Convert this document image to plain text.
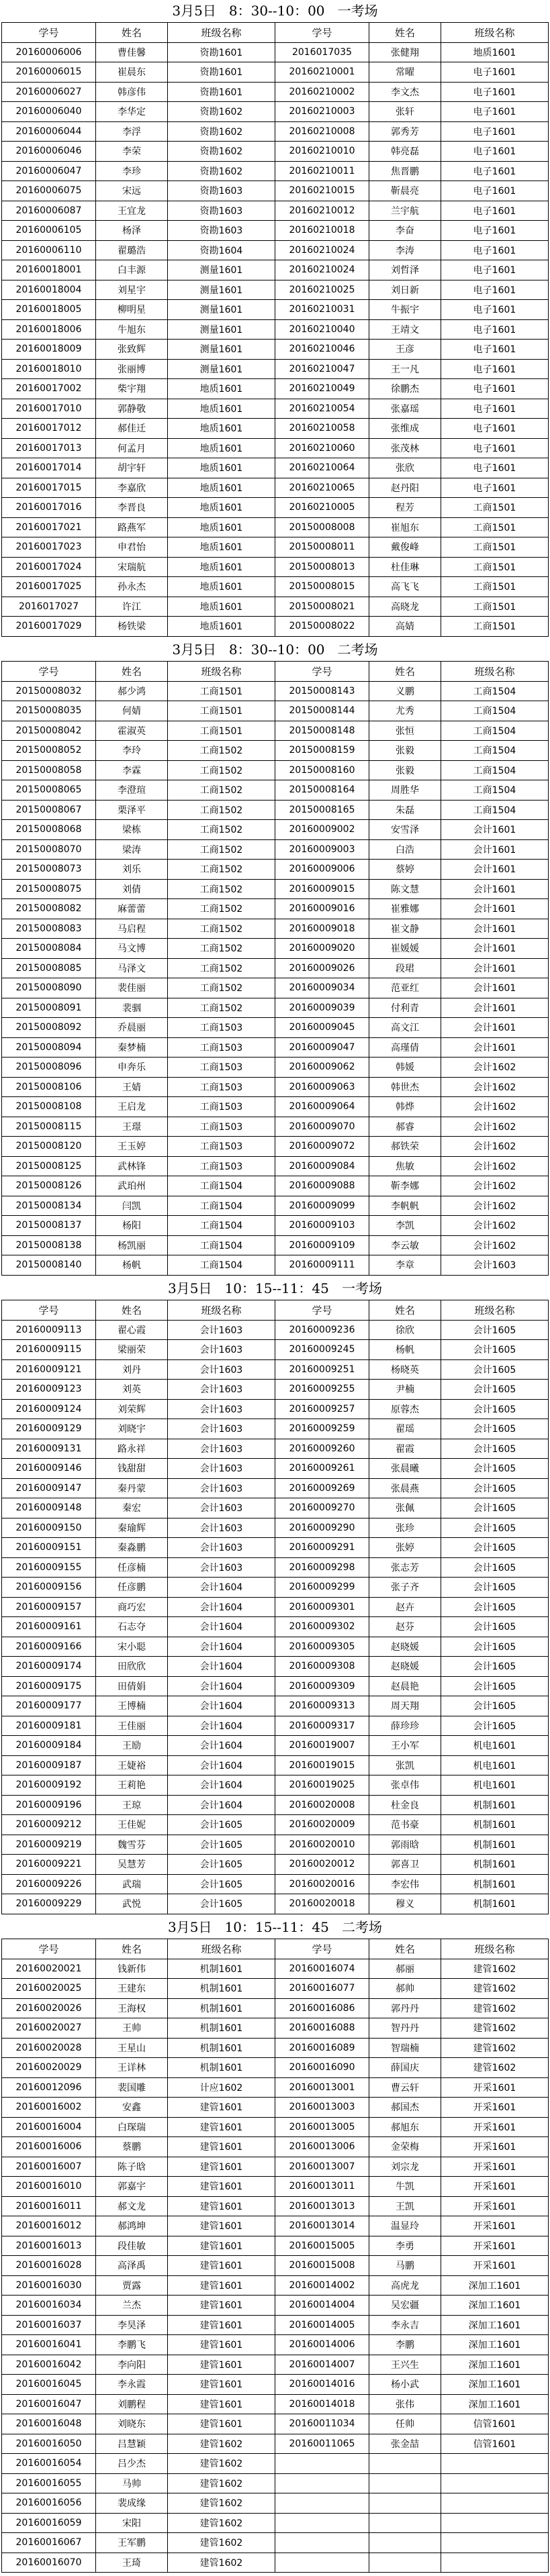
3月5日   8：30--10：00   一考场
学号	姓名	班级名称	学号	姓名	班级名称
20160006006	曹佳馨	资勘1601	2016017035	张健翔	地质1601
20160006015	崔晨东	资勘1601	20160210001	常曜	电子1601
20160006027	韩彦伟	资勘1601	20160210002	李文杰	电子1601
20160006040	李华定	资勘1602	20160210003	张轩	电子1601
20160006044	李浮	资勘1602	20160210008	郭秀芳	电子1601
20160006046	李荣	资勘1602	20160210010	韩亮磊	电子1601
20160006047	李珍	资勘1602	20160210011	焦晋鹏	电子1601
20160006075	宋远	资勘1603	20160210015	靳晨亮	电子1601
20160006087	王宜龙	资勘1603	20160210012	兰宇航	电子1601
20160006105	杨泽	资勘1603	20160210018	李奋	电子1601
20160006110	翟璐浩	资勘1604	20160210024	李涛	电子1601
20160018001	白丰源	测量1601	20160210024	刘哲泽	电子1601
20160018004	刘星宇	测量1601	20160210025	刘日新	电子1601
20160018005	柳明星	测量1601	20160210031	牛振宇	电子1601
20160018006	牛旭东	测量1601	20160210040	王靖文	电子1601
20160018009	张致辉	测量1601	20160210046	王彦	电子1601
20160018010	张丽博	测量1601	20160210047	王一凡	电子1601
20160017002	柴宇翔	地质1601	20160210049	徐鹏杰	电子1601
20160017010	郭静敬	地质1601	20160210054	张嘉瑶	电子1601
20160017012	郝佳迁	地质1601	20160210058	张维成	电子1601
20160017013	何孟月	地质1601	20160210060	张茂林	电子1601
20160017014	胡宇轩	地质1601	20160210064	张欣	电子1601
20160017015	李嘉欣	地质1601	20160210065	赵丹阳	电子1601
20160017016	李晋良	地质1601	20160210005	程芳	工商1501
20160017021	路燕军	地质1601	20150008008	崔旭东	工商1501
20160017023	申君怡	地质1601	20150008011	戴俊峰	工商1501
20160017024	宋瑞航	地质1601	20150008013	杜佳琳	工商1501
20160017025	孙永杰	地质1601	20150008015	高飞飞	工商1501
2016017027	许江	地质1601	20150008021	高晓龙	工商1501
20160017029	杨铁梁	地质1601	20150008022	高婧	工商1501
3月5日   8：30--10：00   二考场
学号	姓名	班级名称	学号	姓名	班级名称
20150008032	郝少鸿	工商1501	20150008143	义鹏	工商1504
20150008035	何婧	工商1501	20150008144	尤秀	工商1504
20150008042	霍淑英	工商1501	20150008148	张恒	工商1504
20150008052	李玲	工商1502	20150008159	张毅	工商1504
20150008058	李霖	工商1502	20150008160	张毅	工商1504
20150008065	李澄瑄	工商1502	20150008164	周胜华	工商1504
20150008067	栗泽平	工商1502	20150008165	朱磊	工商1504
20150008068	梁栋	工商1502	20160009002	安雪泽	会计1601
20150008070	梁涛	工商1502	20160009003	白浩	会计1601
20150008073	刘乐	工商1502	20160009006	蔡婷	会计1601
20150008075	刘倩	工商1502	20160009015	陈文慧	会计1601
20150008082	麻蕾蕾	工商1502	20160009016	崔雅娜	会计1601
20150008083	马启程	工商1502	20160009018	崔文静	会计1601
20150008084	马文博	工商1502	20160009020	崔媛媛	会计1601
20150008085	马泽文	工商1502	20160009026	段珺	会计1601
20150008090	裴佳丽	工商1502	20160009034	范亚红	会计1601
20150008091	裴骃	工商1502	20160009039	付利青	会计1601
20150008092	乔晨丽	工商1503	20160009045	高文江	会计1601
20150008094	秦梦楠	工商1503	20160009047	高瑾倩	会计1601
20150008096	申奔乐	工商1503	20160009062	韩媛	会计1602
20150008106	王婧	工商1503	20160009063	韩世杰	会计1602
20150008108	王启龙	工商1503	20160009064	韩烨	会计1602
20150008115	王璟	工商1503	20160009070	郝睿	会计1602
20150008120	王玉婷	工商1503	20160009072	郝铁荣	会计1602
20150008125	武林锋	工商1503	20160009084	焦敏	会计1602
20150008126	武珀州	工商1504	20160009088	靳李娜	会计1602
20150008134	闫凯	工商1504	20160009099	李帆帆	会计1602
20150008137	杨阳	工商1504	20160009103	李凯	会计1602
20150008138	杨凯丽	工商1504	20160009109	李云敏	会计1602
20150008140	杨帆	工商1504	20160009111	李章	会计1603
3月5日   10：15--11：45   一考场
学号	姓名	班级名称	学号	姓名	班级名称
20160009113	翟心霞	会计1603	20160009236	徐欣	会计1605
20160009115	梁丽荣	会计1603	20160009245	杨帆	会计1605
20160009121	刘丹	会计1603	20160009251	杨晓英	会计1605
20160009123	刘英	会计1603	20160009255	尹楠	会计1605
20160009124	刘荣辉	会计1603	20160009257	原蓉杰	会计1605
20160009129	刘晓宇	会计1603	20160009259	翟瑶	会计1605
20160009131	路永祥	会计1603	20160009260	翟霞	会计1605
20160009146	钱甜甜	会计1603	20160009261	张晨曦	会计1605
20160009147	秦丹蒙	会计1603	20160009269	张晨燕	会计1605
20160009148	秦宏	会计1603	20160009270	张佩	会计1605
20160009150	秦瑜辉	会计1603	20160009290	张珍	会计1605
20160009151	秦淼鹏	会计1603	20160009291	张婷	会计1605
20160009155	任彦楠	会计1603	20160009298	张志芳	会计1605
20160009156	任彦鹏	会计1604	20160009299	张子齐	会计1605
20160009157	商巧宏	会计1604	20160009301	赵卉	会计1605
20160009161	石志夺	会计1604	20160009302	赵芬	会计1605
20160009166	宋小聪	会计1604	20160009305	赵晓媛	会计1605
20160009174	田欣欣	会计1604	20160009308	赵晓媛	会计1605
20160009175	田倩娟	会计1604	20160009309	赵晨艳	会计1605
20160009177	王博楠	会计1604	20160009313	周天翔	会计1605
20160009181	王佳丽	会计1604	20160009317	薛珍珍	会计1605
20160009184	王励	会计1604	20160019007	王小军	机电1601
20160009187	王婕裕	会计1604	20160019015	张凯	机电1601
20160009192	王莉艳	会计1604	20160019025	张卓伟	机电1601
20160009196	王琼	会计1604	20160020008	杜金良	机制1601
20160009212	王佳妮	会计1605	20160020009	范书豪	机制1601
20160009219	魏雪芬	会计1605	20160020010	郭雨晗	机制1601
20160009221	吴慧芳	会计1605	20160020012	郭喜卫	机制1601
20160009226	武瑞	会计1605	20160020016	李宏伟	机制1601
20160009229	武悦	会计1605	20160020018	穆义	机制1601
3月5日   10：15--11：45   二考场
学号	姓名	班级名称	学号	姓名	班级名称
20160020021	钱新伟	机制1601	20160016074	郝丽	建管1602
20160020025	王建东	机制1601	20160016077	郝帅	建管1602
20160020026	王海权	机制1601	20160016086	郭丹丹	建管1602
20160020027	王帅	机制1601	20160016088	智丹丹	建管1602
20160020028	王星山	机制1601	20160016089	智瑞楠	建管1602
20160020029	王详林	机制1601	20160016090	薛国庆	建管1602
20160012096	裴国雕	计应1602	20160013001	曹云轩	开采1601
20160016002	安鑫	建管1601	20160013003	郝国杰	开采1601
20160016004	白琛瑞	建管1601	20160013005	郝旭东	开采1601
20160016006	蔡鹏	建管1601	20160013006	金荣梅	开采1601
20160016007	陈子晗	建管1601	20160013007	刘宗龙	开采1601
20160016010	郭嘉宇	建管1601	20160013011	牛凯	开采1601
20160016011	郝文龙	建管1601	20160013013	王凯	开采1601
20160016012	郝鸿坤	建管1601	20160013014	温显玲	开采1601
20160016013	段佳敏	建管1601	20160015005	李勇	开采1601
20160016028	高泽禹	建管1601	20160015008	马鹏	开采1601
20160016030	贾露	建管1601	20160014002	高虎龙	深加工1601
20160016034	兰杰	建管1601	20160014004	吴宏疆	深加工1601
20160016037	李昊泽	建管1601	20160014005	李永吉	深加工1601
20160016041	李鹏飞	建管1601	20160014006	李鹏	深加工1601
20160016042	李向阳	建管1601	20160014007	王兴生	深加工1601
20160016045	李永霞	建管1601	20160014016	杨小武	深加工1601
20160016047	刘鹏程	建管1601	20160014018	张伟	深加工1601
20160016048	刘晓东	建管1601	20160011034	任帅	信管1601
20160016050	吕慧颖	建管1602	20160011065	张金喆	信管1601
20160016054	吕少杰	建管1602			
20160016055	马帅	建管1602			
20160016056	裴成缘	建管1602			
20160016059	宋阳	建管1602			
20160016067	王军鹏	建管1602			
20160016070	王琦	建管1602			
